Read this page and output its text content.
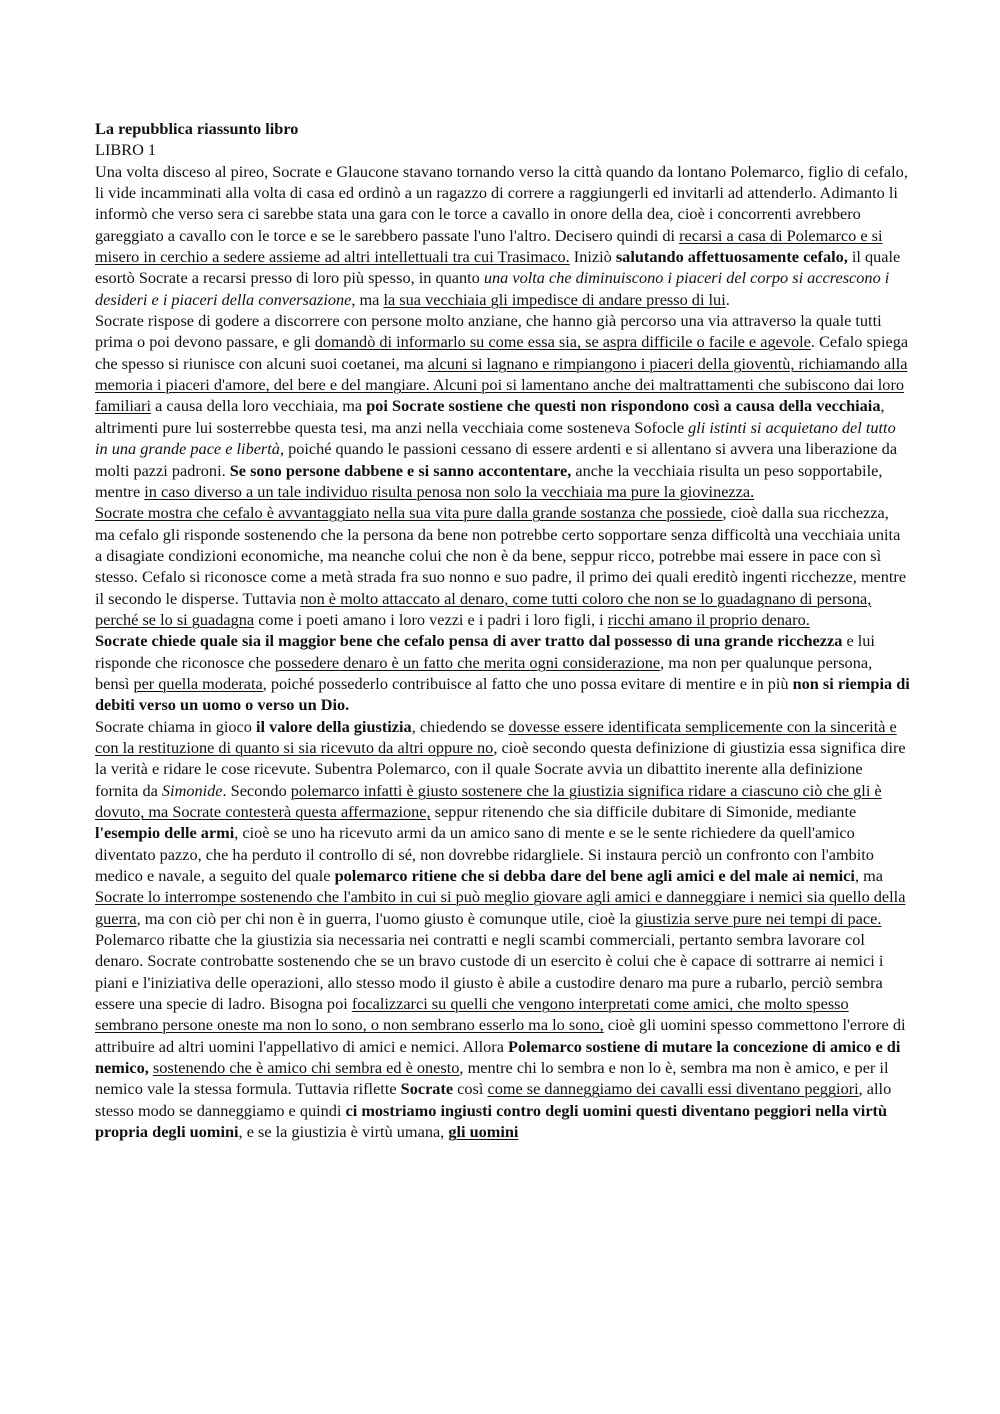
La repubblica riassunto libro

LIBRO 1

Una volta disceso al pireo, Socrate e Glaucone stavano tornando verso la città quando da lontano Polemarco, figlio di cefalo, li vide incamminati alla volta di casa ed ordinò a un ragazzo di correre a raggiungerli ed invitarli ad attenderlo. Adimanto li informò che verso sera ci sarebbe stata una gara con le torce a cavallo in onore della dea, cioè i concorrenti avrebbero gareggiato a cavallo con le torce e se le sarebbero passate l'uno l'altro. Decisero quindi di recarsi a casa di Polemarco e si misero in cerchio a sedere assieme ad altri intellettuali tra cui Trasimaco. Iniziò salutando affettuosamente cefalo, il quale esortò Socrate a recarsi presso di loro più spesso, in quanto una volta che diminuiscono i piaceri del corpo si accrescono i desideri e i piaceri della conversazione, ma la sua vecchiaia gli impedisce di andare presso di lui.

Socrate rispose di godere a discorrere con persone molto anziane, che hanno già percorso una via attraverso la quale tutti prima o poi devono passare, e gli domandò di informarlo su come essa sia, se aspra difficile o facile e agevole. Cefalo spiega che spesso si riunisce con alcuni suoi coetanei, ma alcuni si lagnano e rimpiangono i piaceri della gioventù, richiamando alla memoria i piaceri d'amore, del bere e del mangiare. Alcuni poi si lamentano anche dei maltrattamenti che subiscono dai loro familiari a causa della loro vecchiaia, ma poi Socrate sostiene che questi non rispondono così a causa della vecchiaia, altrimenti pure lui sosterrebbe questa tesi, ma anzi nella vecchiaia come sosteneva Sofocle gli istinti si acquietano del tutto in una grande pace e libertà, poiché quando le passioni cessano di essere ardenti e si allentano si avvera una liberazione da molti pazzi padroni. Se sono persone dabbene e si sanno accontentare, anche la vecchiaia risulta un peso sopportabile, mentre in caso diverso a un tale individuo risulta penosa non solo la vecchiaia ma pure la giovinezza.

Socrate mostra che cefalo è avvantaggiato nella sua vita pure dalla grande sostanza che possiede, cioè dalla sua ricchezza, ma cefalo gli risponde sostenendo che la persona da bene non potrebbe certo sopportare senza difficoltà una vecchiaia unita a disagiate condizioni economiche, ma neanche colui che non è da bene, seppur ricco, potrebbe mai essere in pace con sì stesso. Cefalo si riconosce come a metà strada fra suo nonno e suo padre, il primo dei quali ereditò ingenti ricchezze, mentre il secondo le disperse. Tuttavia non è molto attaccato al denaro, come tutti coloro che non se lo guadagnano di persona, perché se lo si guadagna come i poeti amano i loro vezzi e i padri i loro figli, i ricchi amano il proprio denaro.

Socrate chiede quale sia il maggior bene che cefalo pensa di aver tratto dal possesso di una grande ricchezza e lui risponde che riconosce che possedere denaro è un fatto che merita ogni considerazione, ma non per qualunque persona, bensì per quella moderata, poiché possederlo contribuisce al fatto che uno possa evitare di mentire e in più non si riempia di debiti verso un uomo o verso un Dio.

Socrate chiama in gioco il valore della giustizia, chiedendo se dovesse essere identificata semplicemente con la sincerità e con la restituzione di quanto si sia ricevuto da altri oppure no, cioè secondo questa definizione di giustizia essa significa dire la verità e ridare le cose ricevute. Subentra Polemarco, con il quale Socrate avvia un dibattito inerente alla definizione fornita da Simonide. Secondo polemarco infatti è giusto sostenere che la giustizia significa ridare a ciascuno ciò che gli è dovuto, ma Socrate contesterà questa affermazione, seppur ritenendo che sia difficile dubitare di Simonide, mediante l'esempio delle armi, cioè se uno ha ricevuto armi da un amico sano di mente e se le sente richiedere da quell'amico diventato pazzo, che ha perduto il controllo di sé, non dovrebbe ridargliele. Si instaura perciò un confronto con l'ambito medico e navale, a seguito del quale polemarco ritiene che si debba dare del bene agli amici e del male ai nemici, ma Socrate lo interrompe sostenendo che l'ambito in cui si può meglio giovare agli amici e danneggiare i nemici sia quello della guerra, ma con ciò per chi non è in guerra, l'uomo giusto è comunque utile, cioè la giustizia serve pure nei tempi di pace.

Polemarco ribatte che la giustizia sia necessaria nei contratti e negli scambi commerciali, pertanto sembra lavorare col denaro. Socrate controbatte sostenendo che se un bravo custode di un esercito è colui che è capace di sottrarre ai nemici i piani e l'iniziativa delle operazioni, allo stesso modo il giusto è abile a custodire denaro ma pure a rubarlo, perciò sembra essere una specie di ladro. Bisogna poi focalizzarci su quelli che vengono interpretati come amici, che molto spesso sembrano persone oneste ma non lo sono, o non sembrano esserlo ma lo sono, cioè gli uomini spesso commettono l'errore di attribuire ad altri uomini l'appellativo di amici e nemici. Allora Polemarco sostiene di mutare la concezione di amico e di nemico, sostenendo che è amico chi sembra ed è onesto, mentre chi lo sembra e non lo è, sembra ma non è amico, e per il nemico vale la stessa formula. Tuttavia riflette Socrate così come se danneggiamo dei cavalli essi diventano peggiori, allo stesso modo se danneggiamo e quindi ci mostriamo ingiusti contro degli uomini questi diventano peggiori nella virtù propria degli uomini, e se la giustizia è virtù umana, gli uomini
